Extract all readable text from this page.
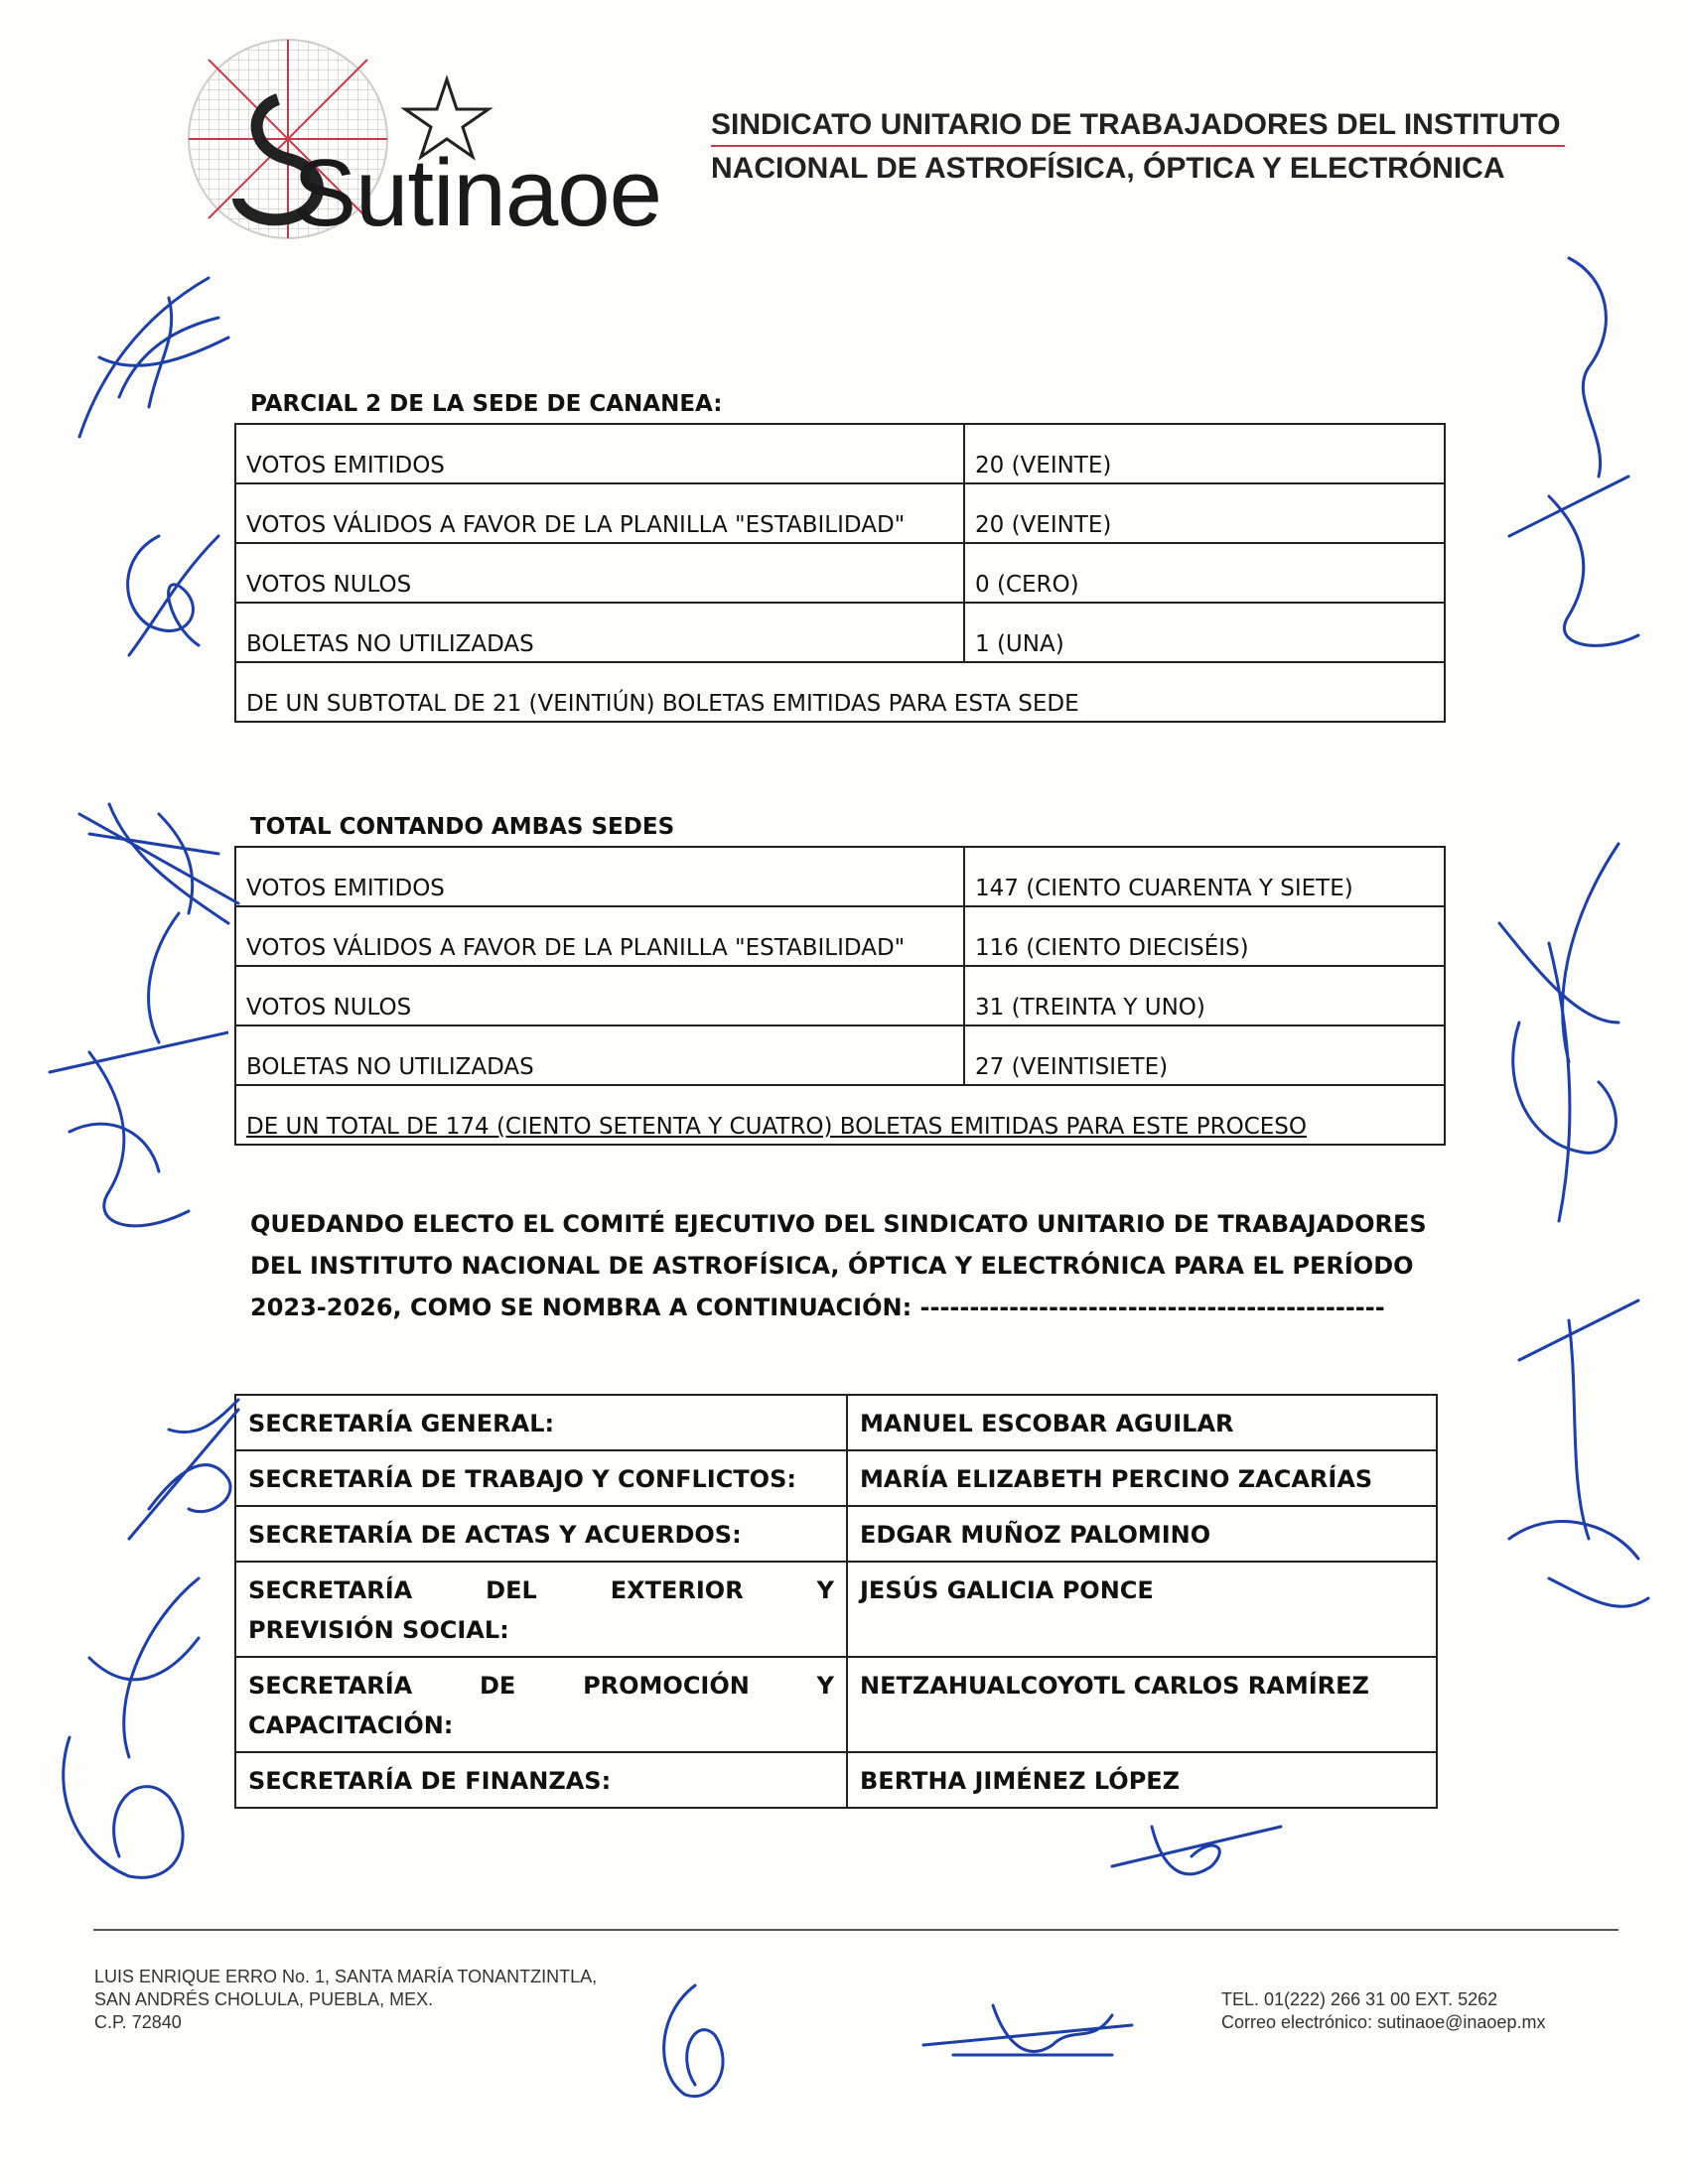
Sutinaoe
SINDICATO UNITARIO DE TRABAJADORES DEL INSTITUTO
NACIONAL DE ASTROFÍSICA, ÓPTICA Y ELECTRÓNICA
PARCIAL 2 DE LA SEDE DE CANANEA:
VOTOS EMITIDOS	20 (VEINTE)
VOTOS VÁLIDOS A FAVOR DE LA PLANILLA "ESTABILIDAD"	20 (VEINTE)
VOTOS NULOS	0 (CERO)
BOLETAS NO UTILIZADAS	1 (UNA)
DE UN SUBTOTAL DE 21 (VEINTIÚN) BOLETAS EMITIDAS PARA ESTA SEDE	
TOTAL CONTANDO AMBAS SEDES
VOTOS EMITIDOS	147 (CIENTO CUARENTA Y SIETE)
VOTOS VÁLIDOS A FAVOR DE LA PLANILLA "ESTABILIDAD"	116 (CIENTO DIECISÉIS)
VOTOS NULOS	31 (TREINTA Y UNO)
BOLETAS NO UTILIZADAS	27 (VEINTISIETE)
DE UN TOTAL DE 174 (CIENTO SETENTA Y CUATRO) BOLETAS EMITIDAS PARA ESTE PROCESO	
QUEDANDO ELECTO EL COMITÉ EJECUTIVO DEL SINDICATO UNITARIO DE TRABAJADORES DEL INSTITUTO NACIONAL DE ASTROFÍSICA, ÓPTICA Y ELECTRÓNICA PARA EL PERÍODO 2023-2026, COMO SE NOMBRA A CONTINUACIÓN: -----------------------------------------------
SECRETARÍA GENERAL:	MANUEL ESCOBAR AGUILAR
SECRETARÍA DE TRABAJO Y CONFLICTOS:	MARÍA ELIZABETH PERCINO ZACARÍAS
SECRETARÍA DE ACTAS Y ACUERDOS:	EDGAR MUÑOZ PALOMINO

SECRETARÍA DEL EXTERIOR Y
PREVISIÓN SOCIAL:	JESÚS GALICIA PONCE

SECRETARÍA DE PROMOCIÓN Y
CAPACITACIÓN:	NETZAHUALCOYOTL CARLOS RAMÍREZ
SECRETARÍA DE FINANZAS:	BERTHA JIMÉNEZ LÓPEZ
LUIS ENRIQUE ERRO No. 1, SANTA MARÍA TONANTZINTLA,
SAN ANDRÉS CHOLULA, PUEBLA, MEX.
C.P. 72840
TEL. 01(222) 266 31 00 EXT. 5262
Correo electrónico: sutinaoe@inaoep.mx
